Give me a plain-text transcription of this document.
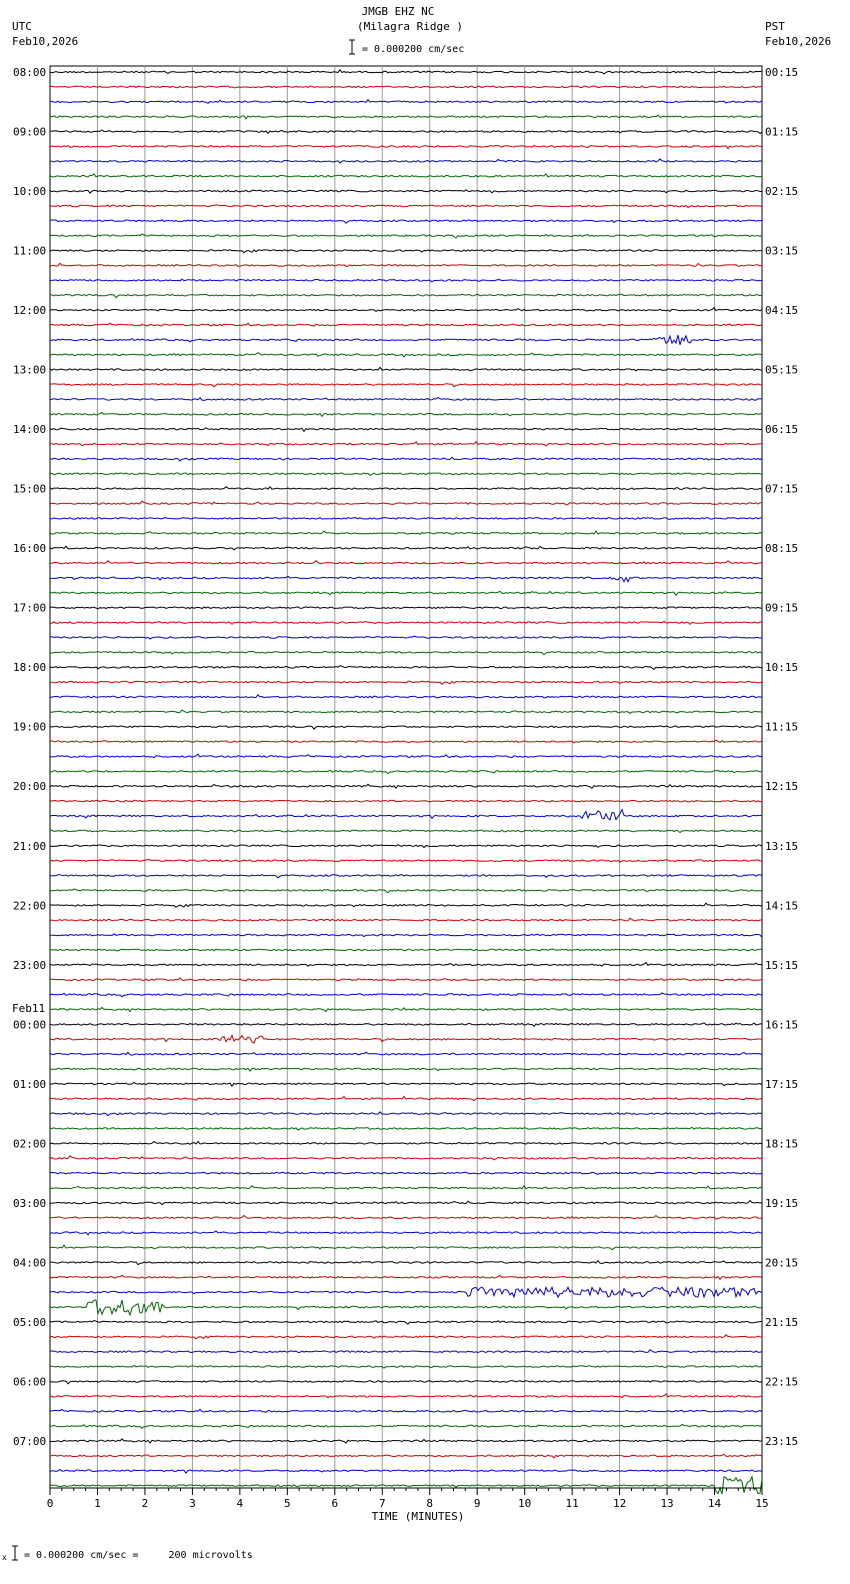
JMGB EHZ NC
(Milagra Ridge )
= 0.000200 cm/sec
UTC
Feb10,2026
PST
Feb10,2026
08:00
09:00
10:00
11:00
12:00
13:00
14:00
15:00
16:00
17:00
18:00
19:00
20:00
21:00
22:00
23:00
00:00
01:00
02:00
03:00
04:00
05:00
06:00
07:00
00:15
01:15
02:15
03:15
04:15
05:15
06:15
07:15
08:15
09:15
10:15
11:15
12:15
13:15
14:15
15:15
16:15
17:15
18:15
19:15
20:15
21:15
22:15
23:15
Feb11
0	1	2	3	4	5	6	7	8	9	10	11	12	13	14	15
TIME (MINUTES)
x = 0.000200 cm/sec =     200 microvolts
